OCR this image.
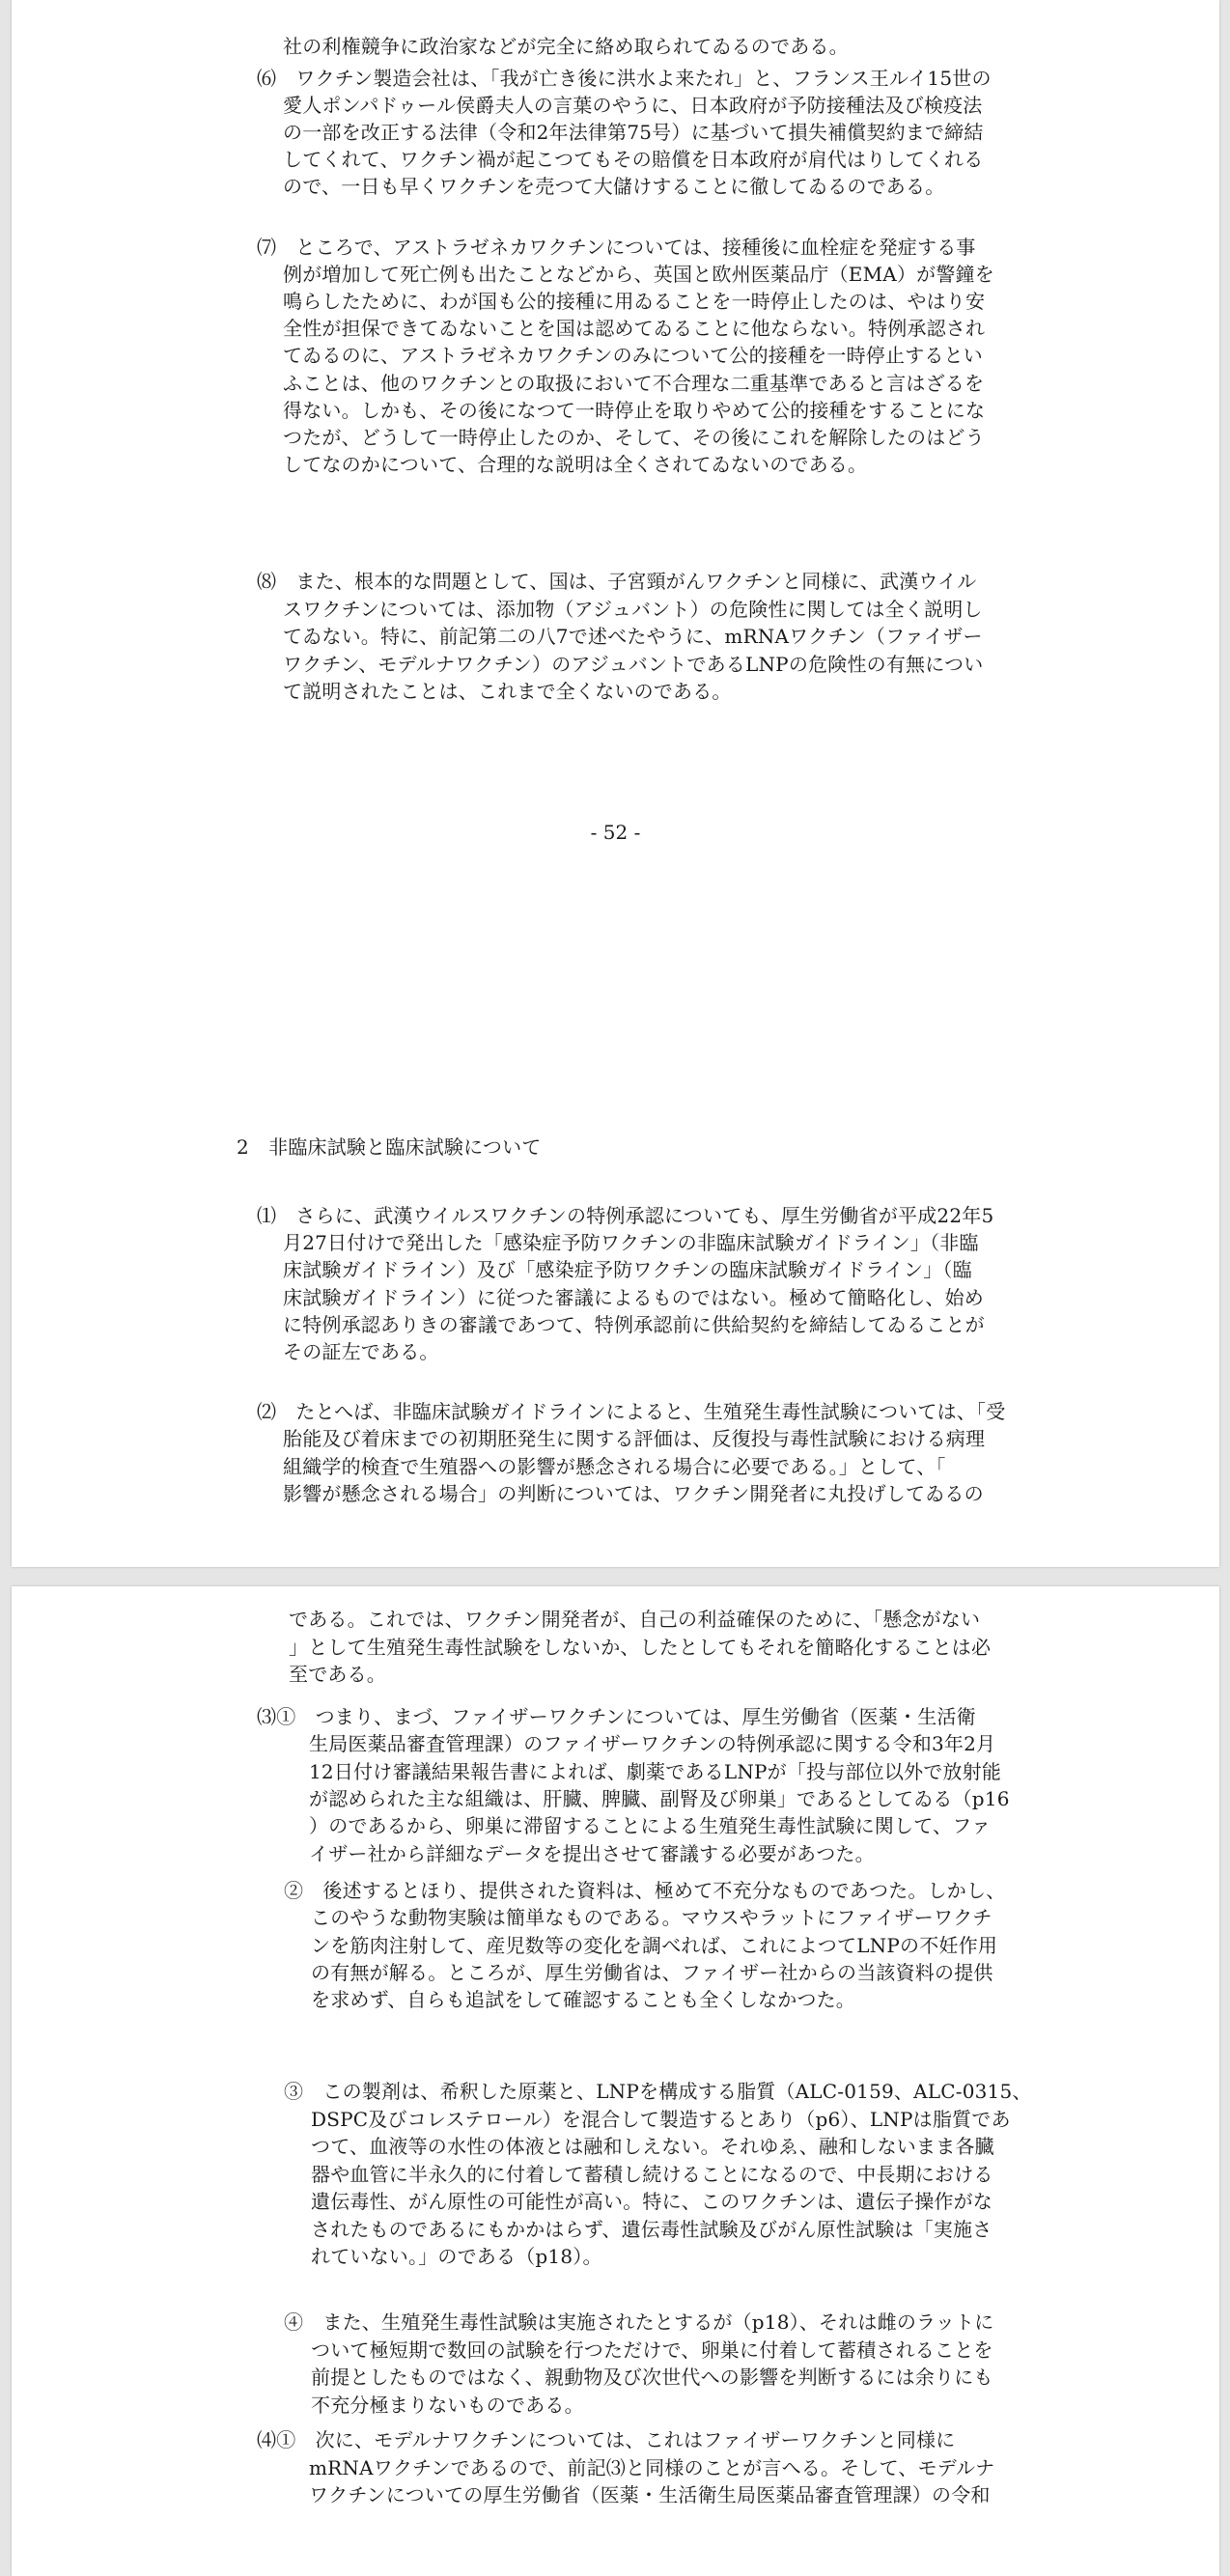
社の利権競争に政治家などが完全に絡め取られてゐるのである。
⑹　ワクチン製造会社は、「我が亡き後に洪水よ来たれ」と、フランス王ルイ15世の
愛人ポンパドゥール侯爵夫人の言葉のやうに、日本政府が予防接種法及び検疫法
の一部を改正する法律（令和2年法律第75号）に基づいて損失補償契約まで締結
してくれて、ワクチン禍が起こつてもその賠償を日本政府が肩代はりしてくれる
ので、一日も早くワクチンを売つて大儲けすることに徹してゐるのである。
⑺　ところで、アストラゼネカワクチンについては、接種後に血栓症を発症する事
例が増加して死亡例も出たことなどから、英国と欧州医薬品庁（EMA）が警鐘を
鳴らしたために、わが国も公的接種に用ゐることを一時停止したのは、やはり安
全性が担保できてゐないことを国は認めてゐることに他ならない。特例承認され
てゐるのに、アストラゼネカワクチンのみについて公的接種を一時停止するとい
ふことは、他のワクチンとの取扱において不合理な二重基準であると言はざるを
得ない。しかも、その後になつて一時停止を取りやめて公的接種をすることにな
つたが、どうして一時停止したのか、そして、その後にこれを解除したのはどう
してなのかについて、合理的な説明は全くされてゐないのである。
⑻　また、根本的な問題として、国は、子宮頸がんワクチンと同様に、武漢ウイル
スワクチンについては、添加物（アジュバント）の危険性に関しては全く説明し
てゐない。特に、前記第二の八7で述べたやうに、mRNAワクチン（ファイザー
ワクチン、モデルナワクチン）のアジュバントであるLNPの危険性の有無につい
て説明されたことは、これまで全くないのである。
⑴　さらに、武漢ウイルスワクチンの特例承認についても、厚生労働省が平成22年5
月27日付けで発出した「感染症予防ワクチンの非臨床試験ガイドライン」（非臨
床試験ガイドライン）及び「感染症予防ワクチンの臨床試験ガイドライン」（臨
床試験ガイドライン）に従つた審議によるものではない。極めて簡略化し、始め
に特例承認ありきの審議であつて、特例承認前に供給契約を締結してゐることが
その証左である。
⑵　たとへば、非臨床試験ガイドラインによると、生殖発生毒性試験については、「受
胎能及び着床までの初期胚発生に関する評価は、反復投与毒性試験における病理
組織学的検査で生殖器への影響が懸念される場合に必要である。」として、「
影響が懸念される場合」の判断については、ワクチン開発者に丸投げしてゐるの
- 52 -
2　非臨床試験と臨床試験について
である。これでは、ワクチン開発者が、自己の利益確保のために、「懸念がない
」として生殖発生毒性試験をしないか、したとしてもそれを簡略化することは必
至である。
⑶①　つまり、まづ、ファイザーワクチンについては、厚生労働省（医薬・生活衛
生局医薬品審査管理課）のファイザーワクチンの特例承認に関する令和3年2月
12日付け審議結果報告書によれば、劇薬であるLNPが「投与部位以外で放射能
が認められた主な組織は、肝臓、脾臓、副腎及び卵巣」であるとしてゐる（p16
）のであるから、卵巣に滞留することによる生殖発生毒性試験に関して、ファ
イザー社から詳細なデータを提出させて審議する必要があつた。
②　後述するとほり、提供された資料は、極めて不充分なものであつた。しかし、
このやうな動物実験は簡単なものである。マウスやラットにファイザーワクチ
ンを筋肉注射して、産児数等の変化を調べれば、これによつてLNPの不妊作用
の有無が解る。ところが、厚生労働省は、ファイザー社からの当該資料の提供
を求めず、自らも追試をして確認することも全くしなかつた。
③　この製剤は、希釈した原薬と、LNPを構成する脂質（ALC-0159、ALC-0315、
DSPC及びコレステロール）を混合して製造するとあり（p6）、LNPは脂質であ
つて、血液等の水性の体液とは融和しえない。それゆゑ、融和しないまま各臓
器や血管に半永久的に付着して蓄積し続けることになるので、中長期における
遺伝毒性、がん原性の可能性が高い。特に、このワクチンは、遺伝子操作がな
されたものであるにもかかはらず、遺伝毒性試験及びがん原性試験は「実施さ
れていない。」のである（p18）。
④　また、生殖発生毒性試験は実施されたとするが（p18）、それは雌のラットに
ついて極短期で数回の試験を行つただけで、卵巣に付着して蓄積されることを
前提としたものではなく、親動物及び次世代への影響を判断するには余りにも
不充分極まりないものである。
⑷①　次に、モデルナワクチンについては、これはファイザーワクチンと同様に
mRNAワクチンであるので、前記⑶と同様のことが言へる。そして、モデルナ
ワクチンについての厚生労働省（医薬・生活衛生局医薬品審査管理課）の令和
